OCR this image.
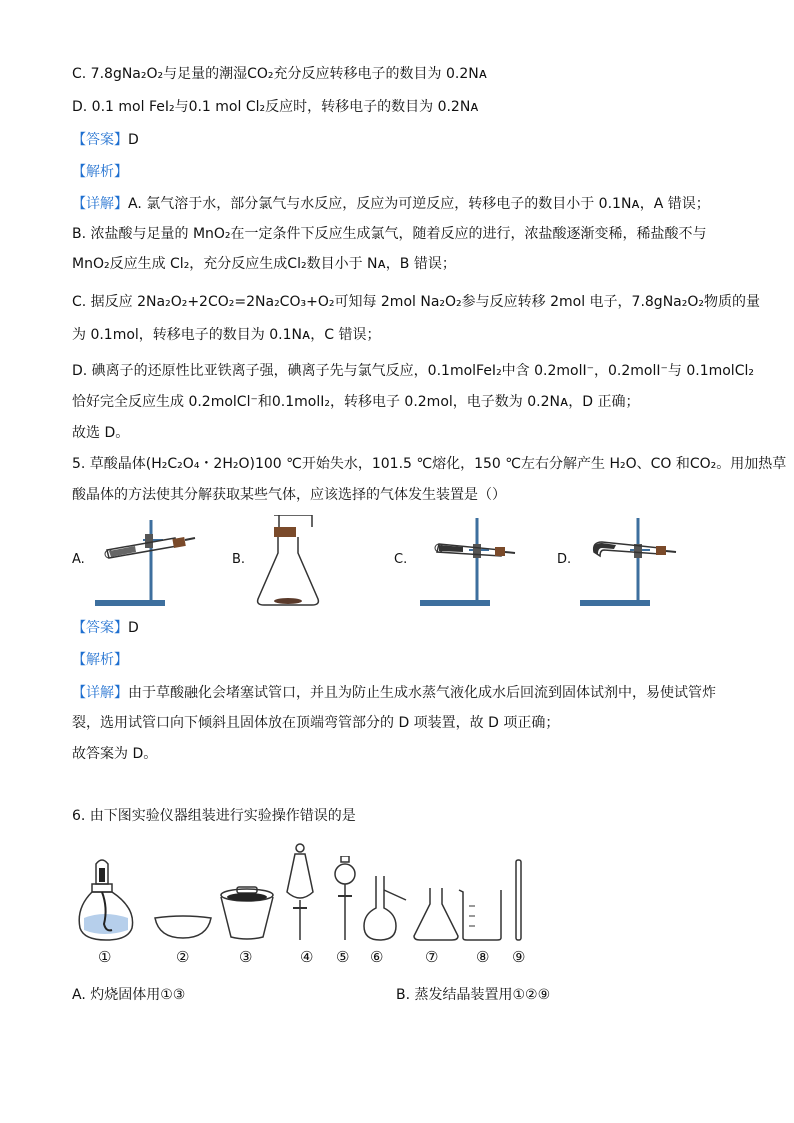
C. 7.8gNa₂O₂与足量的潮湿CO₂充分反应转移电子的数目为 0.2Nᴀ
D. 0.1 mol FeI₂与0.1 mol Cl₂反应时，转移电子的数目为 0.2Nᴀ
【答案】D
【解析】
【详解】A. 氯气溶于水，部分氯气与水反应，反应为可逆反应，转移电子的数目小于 0.1Nᴀ，A 错误；
B. 浓盐酸与足量的 MnO₂在一定条件下反应生成氯气，随着反应的进行，浓盐酸逐渐变稀，稀盐酸不与
MnO₂反应生成 Cl₂，充分反应生成Cl₂数目小于 Nᴀ，B 错误；
C. 据反应 2Na₂O₂+2CO₂=2Na₂CO₃+O₂可知每 2mol Na₂O₂参与反应转移 2mol 电子，7.8gNa₂O₂物质的量
为 0.1mol，转移电子的数目为 0.1Nᴀ，C 错误；
D. 碘离子的还原性比亚铁离子强，碘离子先与氯气反应，0.1molFeI₂中含 0.2molI⁻，0.2molI⁻与 0.1molCl₂
恰好完全反应生成 0.2molCl⁻和0.1molI₂，转移电子 0.2mol，电子数为 0.2Nᴀ，D 正确；
故选 D。
5. 草酸晶体(H₂C₂O₄・2H₂O)100 ℃开始失水，101.5 ℃熔化，150 ℃左右分解产生 H₂O、CO 和CO₂。用加热草
酸晶体的方法使其分解获取某些气体，应该选择的气体发生装置是（）
A.	B.	C.	D.
【答案】D
【解析】
【详解】由于草酸融化会堵塞试管口，并且为防止生成水蒸气液化成水后回流到固体试剂中，易使试管炸
裂，选用试管口向下倾斜且固体放在顶端弯管部分的 D 项装置，故 D 项正确；
故答案为 D。
6. 由下图实验仪器组装进行实验操作错误的是
①	②	③	④ ⑤ ⑥	⑦	⑧ ⑨
A. 灼烧固体用①③	B. 蒸发结晶装置用①②⑨
